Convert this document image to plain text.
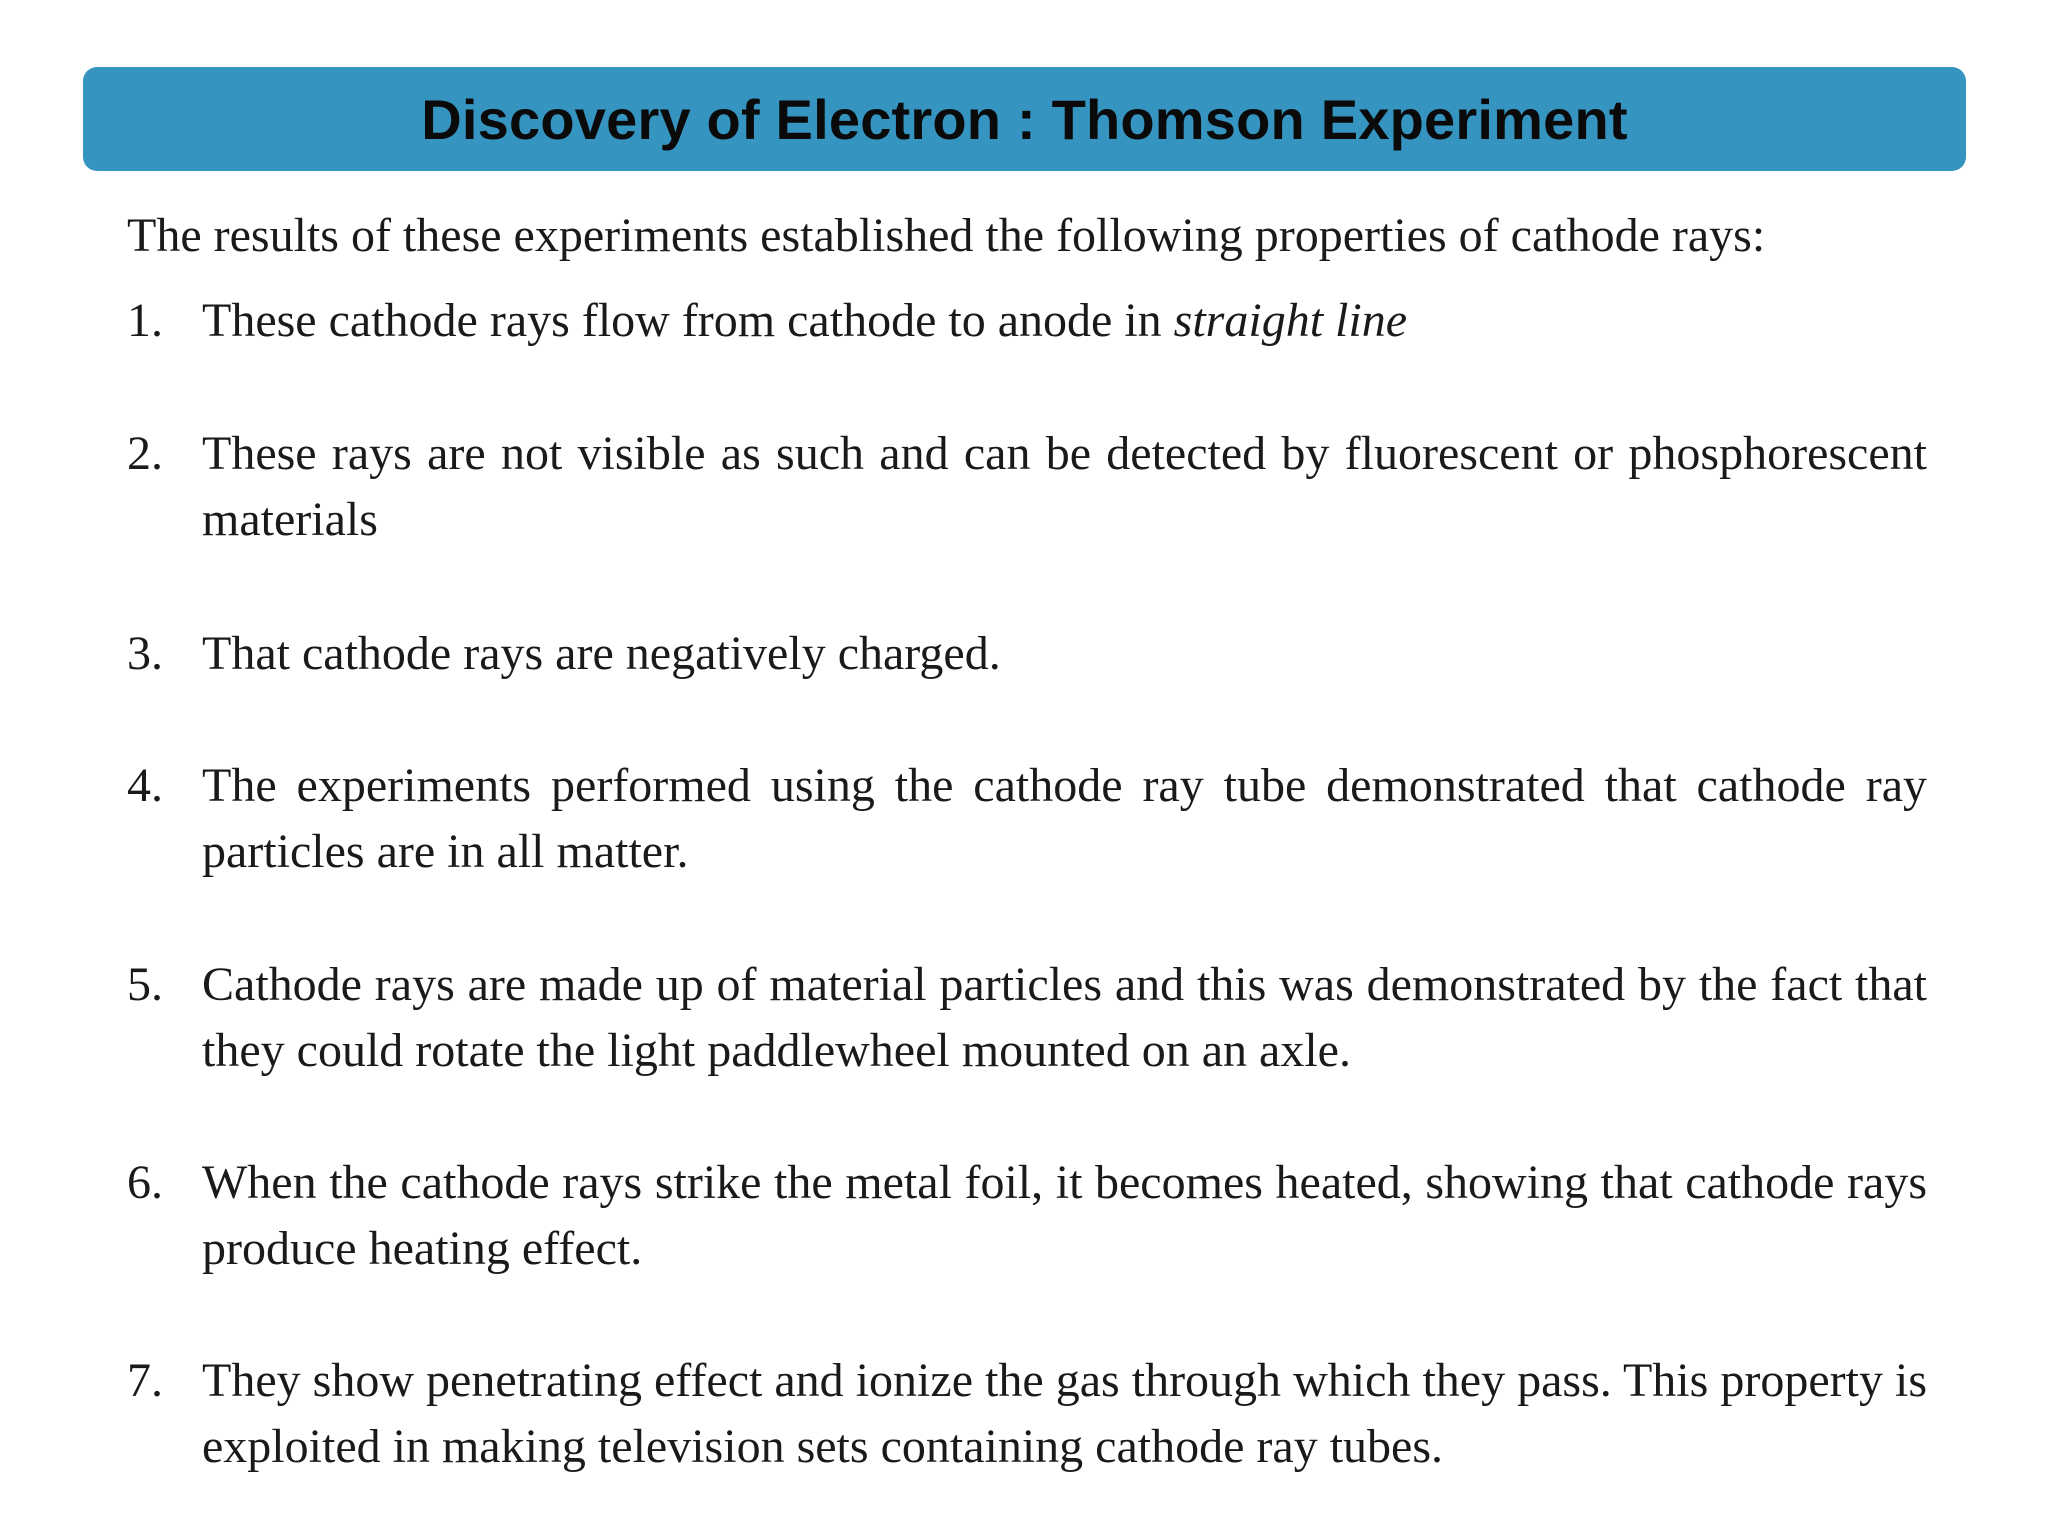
Discovery of Electron : Thomson Experiment
The results of these experiments established the following properties of cathode rays:
1. These cathode rays flow from cathode to anode in straight line
2. These rays are not visible as such and can be detected by fluorescent or phosphorescent materials
3. That cathode rays are negatively charged.
4. The experiments performed using the cathode ray tube demonstrated that cathode ray particles are in all matter.
5. Cathode rays are made up of material particles and this was demonstrated by the fact that they could rotate the light paddlewheel mounted on an axle.
6. When the cathode rays strike the metal foil, it becomes heated, showing that cathode rays produce heating effect.
7. They show penetrating effect and ionize the gas through which they pass. This property is exploited in making television sets containing cathode ray tubes.
